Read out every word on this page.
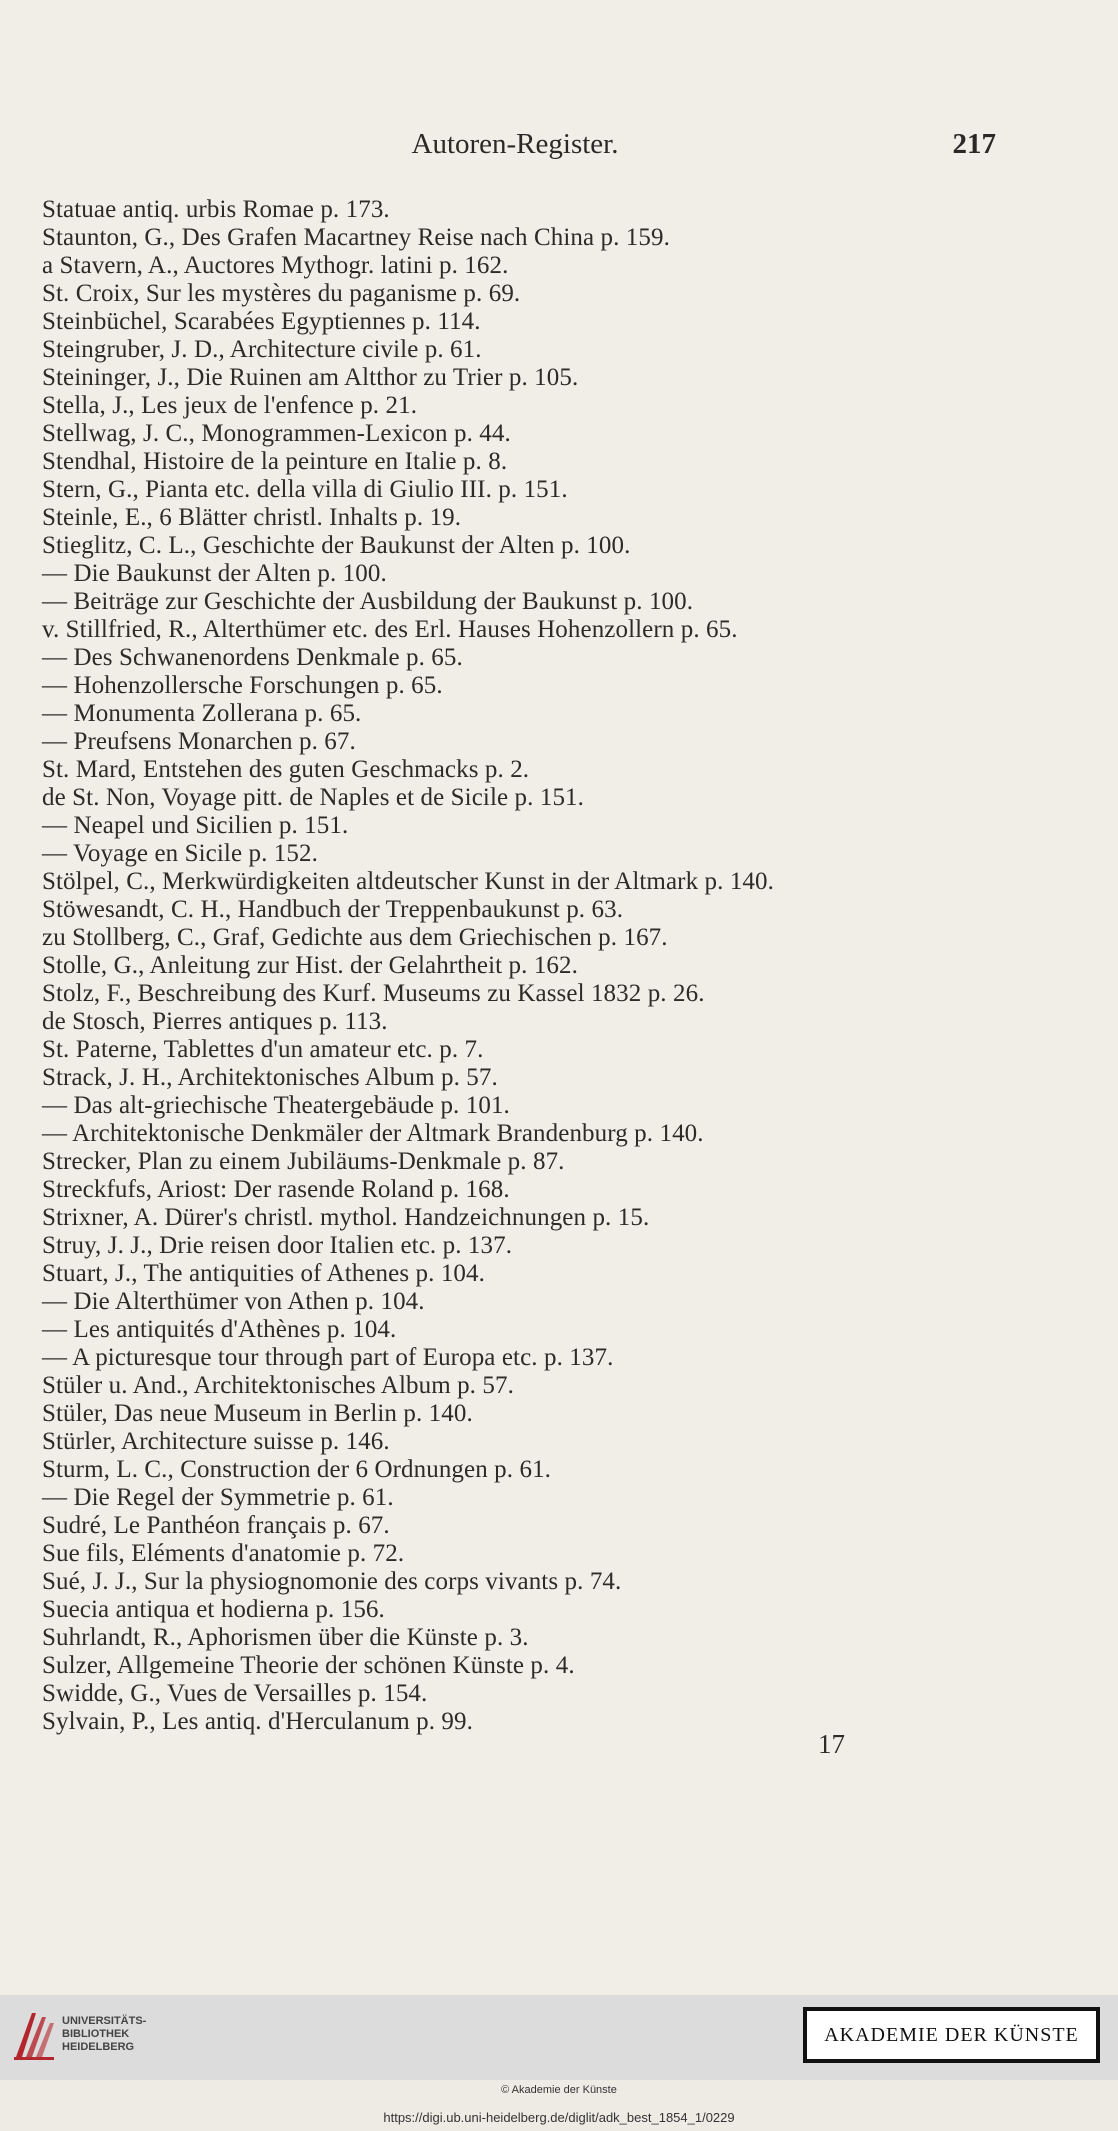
Autoren-Register.	217
Statuae antiq. urbis Romae p. 173.
Staunton, G., Des Grafen Macartney Reise nach China p. 159.
a Stavern, A., Auctores Mythogr. latini p. 162.
St. Croix, Sur les mystères du paganisme p. 69.
Steinbüchel, Scarabées Egyptiennes p. 114.
Steingruber, J. D., Architecture civile p. 61.
Steininger, J., Die Ruinen am Altthor zu Trier p. 105.
Stella, J., Les jeux de l'enfence p. 21.
Stellwag, J. C., Monogrammen-Lexicon p. 44.
Stendhal, Histoire de la peinture en Italie p. 8.
Stern, G., Pianta etc. della villa di Giulio III. p. 151.
Steinle, E., 6 Blätter christl. Inhalts p. 19.
Stieglitz, C. L., Geschichte der Baukunst der Alten p. 100.
— Die Baukunst der Alten p. 100.
— Beiträge zur Geschichte der Ausbildung der Baukunst p. 100.
v. Stillfried, R., Alterthümer etc. des Erl. Hauses Hohenzollern p. 65.
— Des Schwanenordens Denkmale p. 65.
— Hohenzollersche Forschungen p. 65.
— Monumenta Zollerana p. 65.
— Preufsens Monarchen p. 67.
St. Mard, Entstehen des guten Geschmacks p. 2.
de St. Non, Voyage pitt. de Naples et de Sicile p. 151.
— Neapel und Sicilien p. 151.
— Voyage en Sicile p. 152.
Stölpel, C., Merkwürdigkeiten altdeutscher Kunst in der Altmark p. 140.
Stöwesandt, C. H., Handbuch der Treppenbaukunst p. 63.
zu Stollberg, C., Graf, Gedichte aus dem Griechischen p. 167.
Stolle, G., Anleitung zur Hist. der Gelahrtheit p. 162.
Stolz, F., Beschreibung des Kurf. Museums zu Kassel 1832 p. 26.
de Stosch, Pierres antiques p. 113.
St. Paterne, Tablettes d'un amateur etc. p. 7.
Strack, J. H., Architektonisches Album p. 57.
— Das alt-griechische Theatergebäude p. 101.
— Architektonische Denkmäler der Altmark Brandenburg p. 140.
Strecker, Plan zu einem Jubiläums-Denkmale p. 87.
Streckfufs, Ariost: Der rasende Roland p. 168.
Strixner, A. Dürer's christl. mythol. Handzeichnungen p. 15.
Struy, J. J., Drie reisen door Italien etc. p. 137.
Stuart, J., The antiquities of Athenes p. 104.
— Die Alterthümer von Athen p. 104.
— Les antiquités d'Athènes p. 104.
— A picturesque tour through part of Europa etc. p. 137.
Stüler u. And., Architektonisches Album p. 57.
Stüler, Das neue Museum in Berlin p. 140.
Stürler, Architecture suisse p. 146.
Sturm, L. C., Construction der 6 Ordnungen p. 61.
— Die Regel der Symmetrie p. 61.
Sudré, Le Panthéon français p. 67.
Sue fils, Eléments d'anatomie p. 72.
Sué, J. J., Sur la physiognomonie des corps vivants p. 74.
Suecia antiqua et hodierna p. 156.
Suhrlandt, R., Aphorismen über die Künste p. 3.
Sulzer, Allgemeine Theorie der schönen Künste p. 4.
Swidde, G., Vues de Versailles p. 154.
Sylvain, P., Les antiq. d'Herculanum p. 99.
17
UNIVERSITÄTS-
BIBLIOTHEK
HEIDELBERG
AKADEMIE DER KÜNSTE
© Akademie der Künste
https://digi.ub.uni-heidelberg.de/diglit/adk_best_1854_1/0229
